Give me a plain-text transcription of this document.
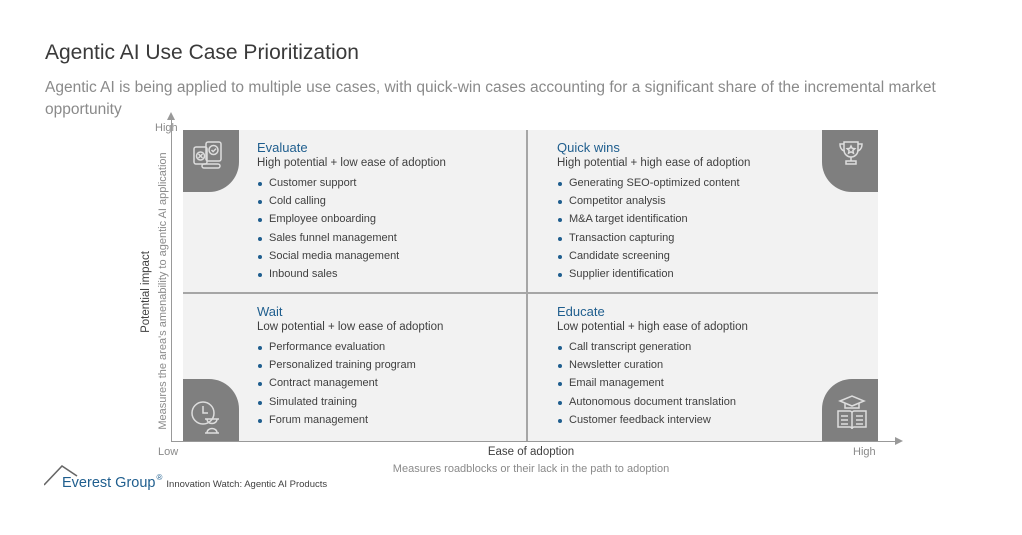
Agentic AI Use Case Prioritization
Agentic AI is being applied to multiple use cases, with quick-win cases accounting for a significant share of the incremental market opportunity
High
Low	High
Potential impact Measures the area's amenability to agentic AI application
Ease of adoption
Measures roadblocks or their lack in the path to adoption
Evaluate
High potential + low ease of adoption
Customer support
Cold calling
Employee onboarding
Sales funnel management
Social media management
Inbound sales
Quick wins
High potential + high ease of adoption
Generating SEO-optimized content
Competitor analysis
M&A target identification
Transaction capturing
Candidate screening
Supplier identification
Wait
Low potential + low ease of adoption
Performance evaluation
Personalized training program
Contract management
Simulated training
Forum management
Educate
Low potential + high ease of adoption
Call transcript generation
Newsletter curation
Email management
Autonomous document translation
Customer feedback interview
Everest Group ®
Innovation Watch: Agentic AI Products
